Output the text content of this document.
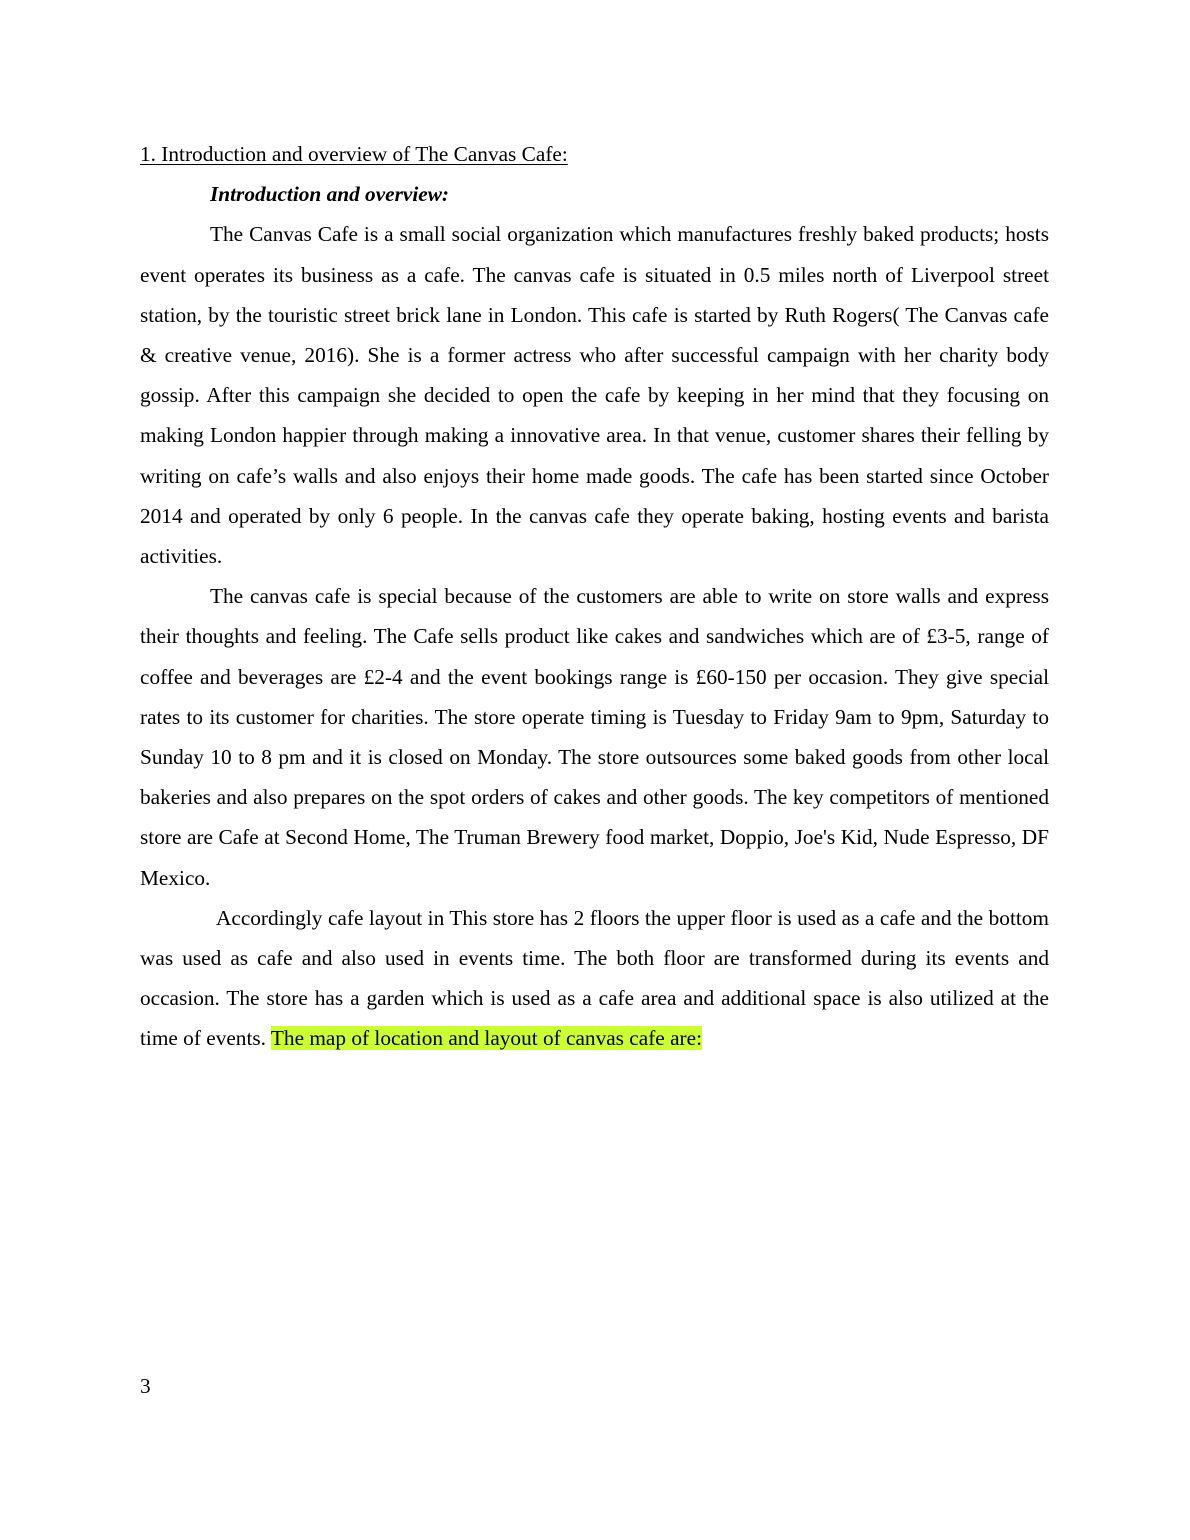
1. Introduction and overview of The Canvas Cafe:

Introduction and overview:

The Canvas Cafe is a small social organization which manufactures freshly baked products; hosts event operates its business as a cafe. The canvas cafe is situated in 0.5 miles north of Liverpool street station, by the touristic street brick lane in London. This cafe is started by Ruth Rogers( The Canvas cafe & creative venue, 2016). She is a former actress who after successful campaign with her charity body gossip. After this campaign she decided to open the cafe by keeping in her mind that they focusing on making London happier through making a innovative area. In that venue, customer shares their felling by writing on cafe’s walls and also enjoys their home made goods. The cafe has been started since October 2014 and operated by only 6 people. In the canvas cafe they operate baking, hosting events and barista activities.

The canvas cafe is special because of the customers are able to write on store walls and express their thoughts and feeling. The Cafe sells product like cakes and sandwiches which are of £3-5, range of coffee and beverages are £2-4 and the event bookings range is £60-150 per occasion. They give special rates to its customer for charities. The store operate timing is Tuesday to Friday 9am to 9pm, Saturday to Sunday 10 to 8 pm and it is closed on Monday. The store outsources some baked goods from other local bakeries and also prepares on the spot orders of cakes and other goods. The key competitors of mentioned store are Cafe at Second Home, The Truman Brewery food market, Doppio, Joe's Kid, Nude Espresso, DF Mexico.

Accordingly cafe layout in This store has 2 floors the upper floor is used as a cafe and the bottom was used as cafe and also used in events time. The both floor are transformed during its events and occasion. The store has a garden which is used as a cafe area and additional space is also utilized at the time of events. The map of location and layout of canvas cafe are:

3
